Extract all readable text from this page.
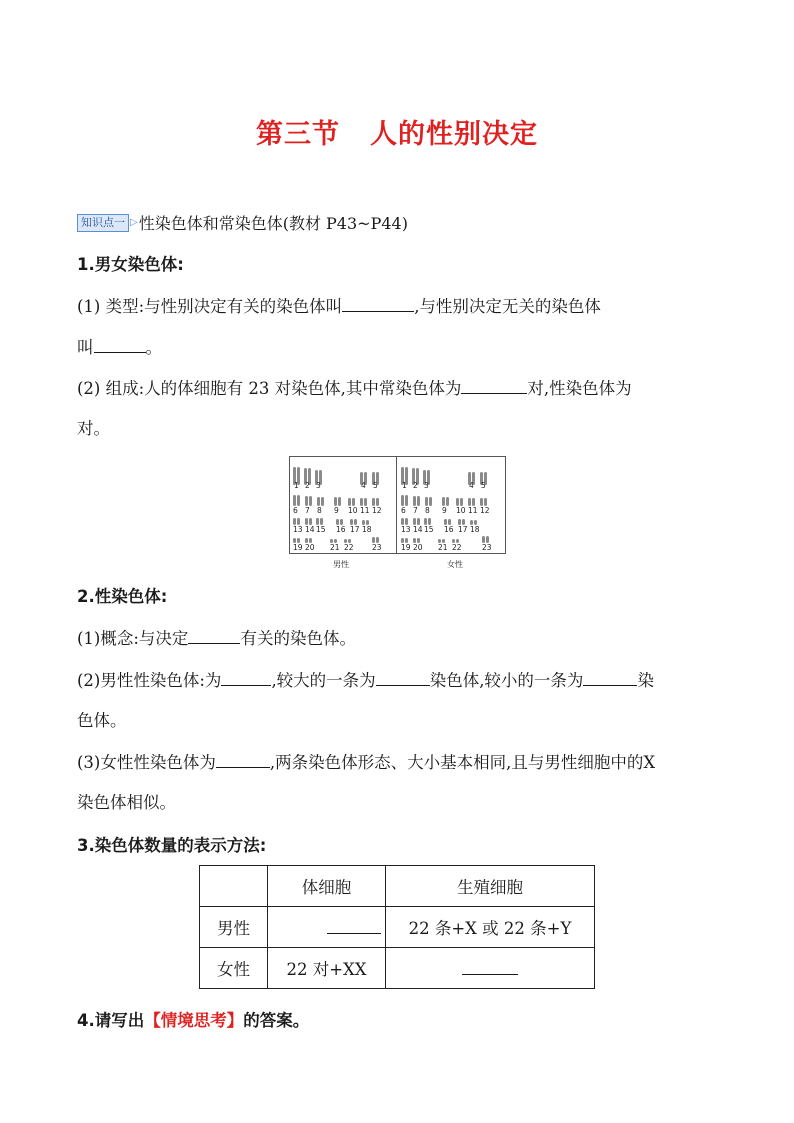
第三节 人的性别决定
知识点一 ▷ 性染色体和常染色体(教材 P43~P44)
1.男女染色体:
(1) 类型:与性别决定有关的染色体叫	,与性别决定无关的染色体
叫	。
(2) 组成:人的体细胞有 23 对染色体,其中常染色体为	对,性染色体为
对。
1 2 3	4 5
6 7 8 9 10 11 12
13 14 15 16 17 18
19 20 21 22 23
1 2 3	4 5
6 7 8 9 10 11 12
13 14 15 16 17 18
19 20 21 22	23
男性	女性
2.性染色体:
(1)概念:与决定	有关的染色体。
(2)男性性染色体:为	,较大的一条为	染色体,较小的一条为	染
色体。
(3)女性性染色体为	,两条染色体形态、大小基本相同,且与男性细胞中的X
染色体相似。
3.染色体数量的表示方法:
	体细胞	生殖细胞
男性		22 条+X 或 22 条+Y
女性	22 对+XX	
4.请写出【情境思考】的答案。
